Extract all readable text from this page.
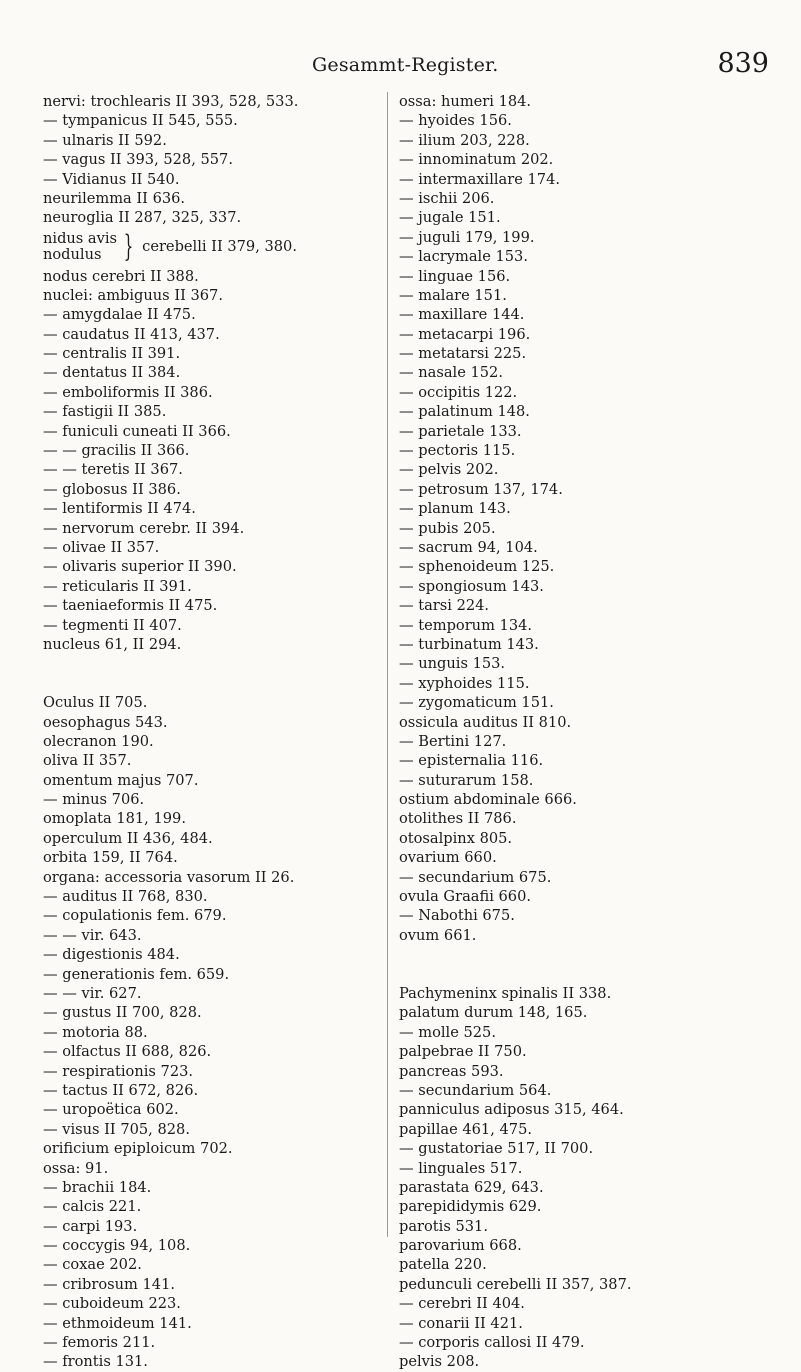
Gesammt-Register.	839
nervi: trochlearis II 393, 528, 533.
— tympanicus II 545, 555.
— ulnaris II 592.
— vagus II 393, 528, 557.
— Vidianus II 540.
neurilemma II 636.
neuroglia II 287, 325, 337.
nidus avis
nodulus } cerebelli II 379, 380.
nodus cerebri II 388.
nuclei: ambiguus II 367.
— amygdalae II 475.
— caudatus II 413, 437.
— centralis II 391.
— dentatus II 384.
— emboliformis II 386.
— fastigii II 385.
— funiculi cuneati II 366.
— — gracilis II 366.
— — teretis II 367.
— globosus II 386.
— lentiformis II 474.
— nervorum cerebr. II 394.
— olivae II 357.
— olivaris superior II 390.
— reticularis II 391.
— taeniaeformis II 475.
— tegmenti II 407.
nucleus 61, II 294.
Oculus II 705.
oesophagus 543.
olecranon 190.
oliva II 357.
omentum majus 707.
— minus 706.
omoplata 181, 199.
operculum II 436, 484.
orbita 159, II 764.
organa: accessoria vasorum II 26.
— auditus II 768, 830.
— copulationis fem. 679.
— — vir. 643.
— digestionis 484.
— generationis fem. 659.
— — vir. 627.
— gustus II 700, 828.
— motoria 88.
— olfactus II 688, 826.
— respirationis 723.
— tactus II 672, 826.
— uropoëtica 602.
— visus II 705, 828.
orificium epiploicum 702.
ossa: 91.
— brachii 184.
— calcis 221.
— carpi 193.
— coccygis 94, 108.
— coxae 202.
— cribrosum 141.
— cuboideum 223.
— ethmoideum 141.
— femoris 211.
— frontis 131.
ossa: humeri 184.
— hyoides 156.
— ilium 203, 228.
— innominatum 202.
— intermaxillare 174.
— ischii 206.
— jugale 151.
— juguli 179, 199.
— lacrymale 153.
— linguae 156.
— malare 151.
— maxillare 144.
— metacarpi 196.
— metatarsi 225.
— nasale 152.
— occipitis 122.
— palatinum 148.
— parietale 133.
— pectoris 115.
— pelvis 202.
— petrosum 137, 174.
— planum 143.
— pubis 205.
— sacrum 94, 104.
— sphenoideum 125.
— spongiosum 143.
— tarsi 224.
— temporum 134.
— turbinatum 143.
— unguis 153.
— xyphoides 115.
— zygomaticum 151.
ossicula auditus II 810.
— Bertini 127.
— episternalia 116.
— suturarum 158.
ostium abdominale 666.
otolithes II 786.
otosalpinx 805.
ovarium 660.
— secundarium 675.
ovula Graafii 660.
— Nabothi 675.
ovum 661.
Pachymeninx spinalis II 338.
palatum durum 148, 165.
— molle 525.
palpebrae II 750.
pancreas 593.
— secundarium 564.
panniculus adiposus 315, 464.
papillae 461, 475.
— gustatoriae 517, II 700.
— linguales 517.
parastata 629, 643.
parepididymis 629.
parotis 531.
parovarium 668.
patella 220.
pedunculi cerebelli II 357, 387.
— cerebri II 404.
— conarii II 421.
— corporis callosi II 479.
pelvis 208.
